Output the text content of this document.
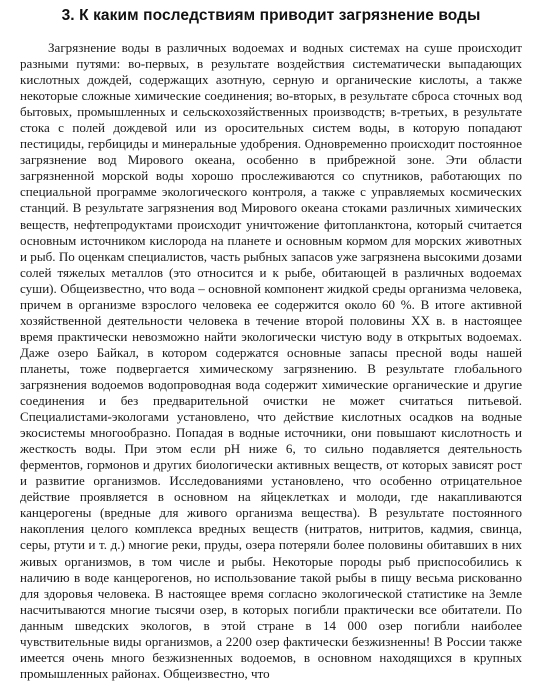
3. К каким последствиям приводит загрязнение воды

Загрязнение воды в различных водоемах и водных системах на суше происходит разными путями: во-первых, в результате воздействия систематически выпадающих кислотных дождей, содержащих азотную, серную и органические кислоты, а также некоторые сложные химические соединения; во-вторых, в результате сброса сточных вод бытовых, промышленных и сельскохозяйственных производств; в-третьих, в результате стока с полей дождевой или из оросительных систем воды, в которую попадают пестициды, гербициды и минеральные удобрения. Одновременно происходит постоянное загрязнение вод Мирового океана, особенно в прибрежной зоне. Эти области загрязненной морской воды хорошо прослеживаются со спутников, работающих по специальной программе экологического контроля, а также с управляемых космических станций. В результате загрязнения вод Мирового океана стоками различных химических веществ, нефтепродуктами происходит уничтожение фитопланктона, который считается основным источником кислорода на планете и основным кормом для морских животных и рыб. По оценкам специалистов, часть рыбных запасов уже загрязнена высокими дозами солей тяжелых металлов (это относится и к рыбе, обитающей в различных водоемах суши). Общеизвестно, что вода – основной компонент жидкой среды организма человека, причем в организме взрослого человека ее содержится около 60 %. В итоге активной хозяйственной деятельности человека в течение второй половины XX в. в настоящее время практически невозможно найти экологически чистую воду в открытых водоемах. Даже озеро Байкал, в котором содержатся основные запасы пресной воды нашей планеты, тоже подвергается химическому загрязнению. В результате глобального загрязнения водоемов водопроводная вода содержит химические органические и другие соединения и без предварительной очистки не может считаться питьевой. Специалистами-экологами установлено, что действие кислотных осадков на водные экосистемы многообразно. Попадая в водные источники, они повышают кислотность и жесткость воды. При этом если pH ниже 6, то сильно подавляется деятельность ферментов, гормонов и других биологически активных веществ, от которых зависят рост и развитие организмов. Исследованиями установлено, что особенно отрицательное действие проявляется в основном на яйцеклетках и молоди, где накапливаются канцерогены (вредные для живого организма вещества). В результате постоянного накопления целого комплекса вредных веществ (нитратов, нитритов, кадмия, свинца, серы, ртути и т. д.) многие реки, пруды, озера потеряли более половины обитавших в них живых организмов, в том числе и рыбы. Некоторые породы рыб приспособились к наличию в воде канцерогенов, но использование такой рыбы в пищу весьма рискованно для здоровья человека. В настоящее время согласно экологической статистике на Земле насчитываются многие тысячи озер, в которых погибли практически все обитатели. По данным шведских экологов, в этой стране в 14 000 озер погибли наиболее чувствительные виды организмов, а 2200 озер фактически безжизненны! В России также имеется очень много безжизненных водоемов, в основном находящихся в крупных промышленных районах. Общеизвестно, что
